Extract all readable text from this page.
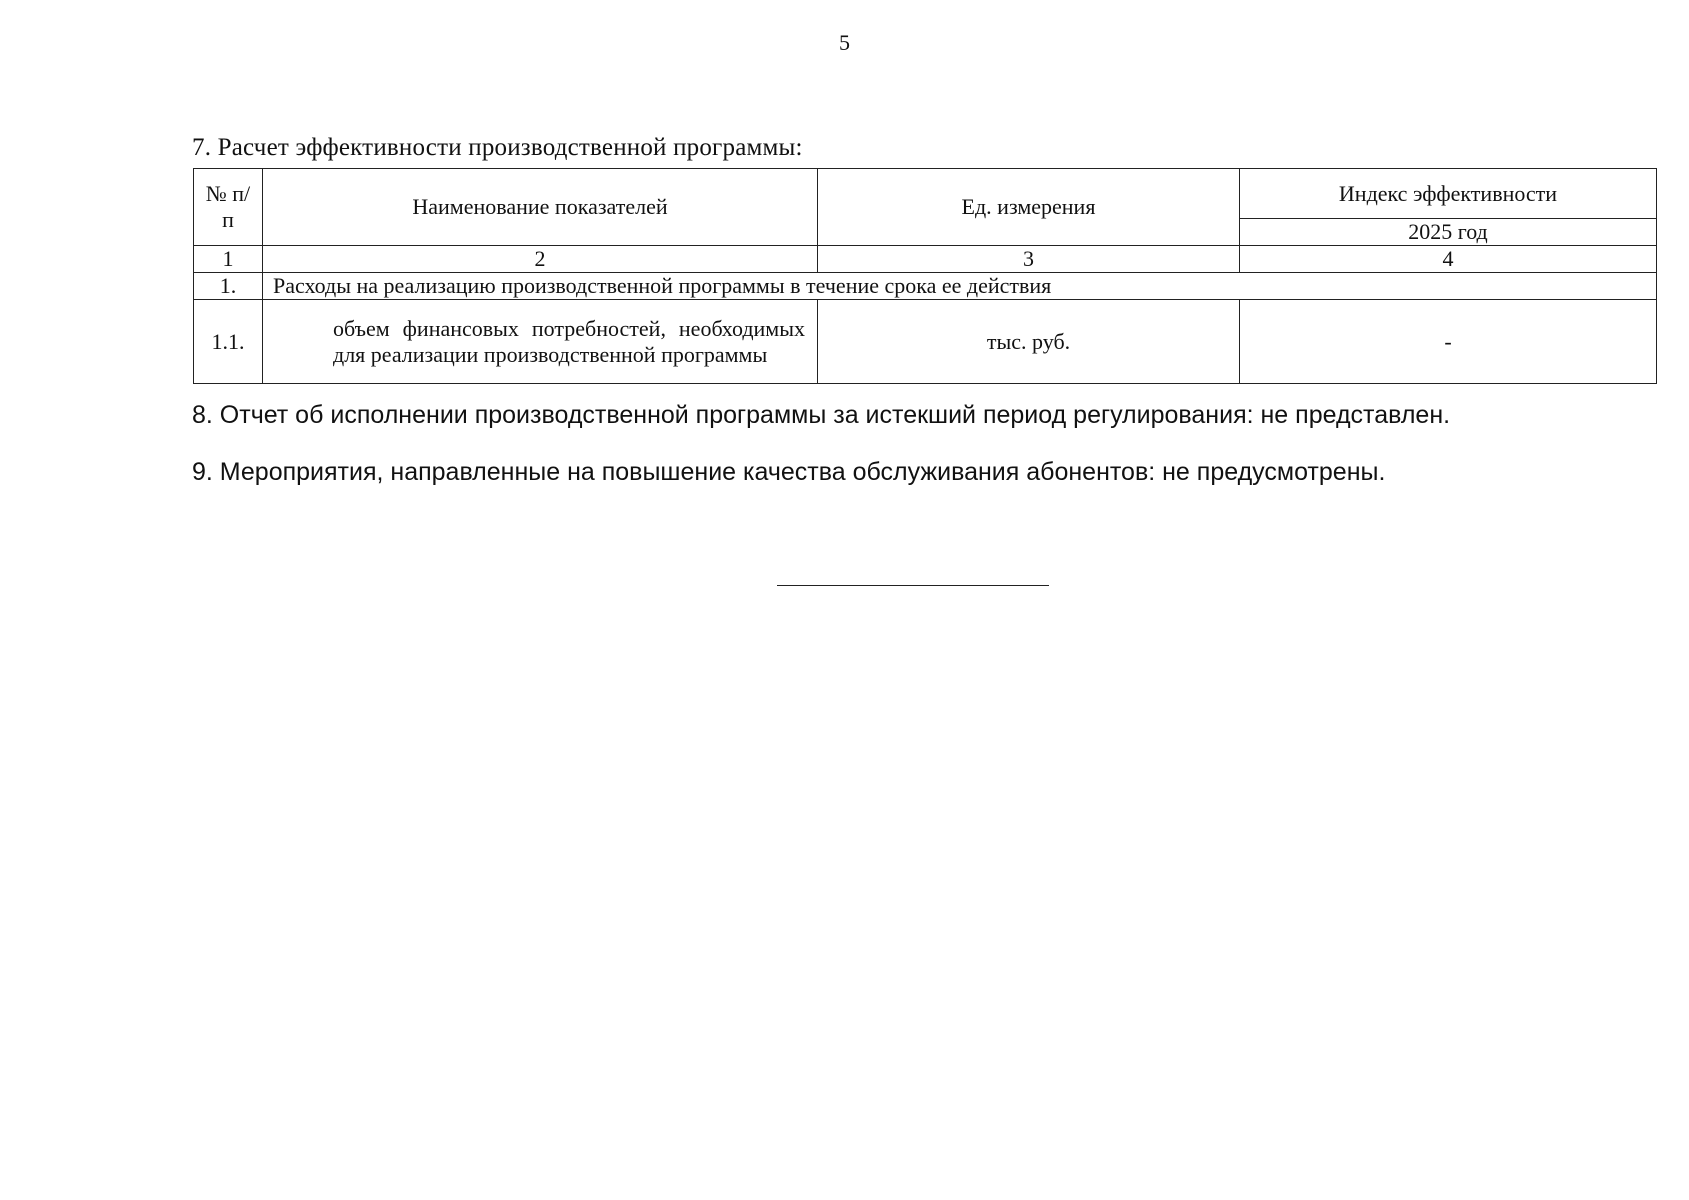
5
7. Расчет эффективности производственной программы:
№ п/п	Наименование показателей	Ед. измерения	Индекс эффективности
			2025 год
1	2	3	4
1.	Расходы на реализацию производственной программы в течение срока ее действия		
1.1.	объем финансовых потребностей, необходимых для реализации производственной программы	тыс. руб.	-
8. Отчет об исполнении производственной программы за истекший период регулирования: не представлен.
9. Мероприятия, направленные на повышение качества обслуживания абонентов: не предусмотрены.
